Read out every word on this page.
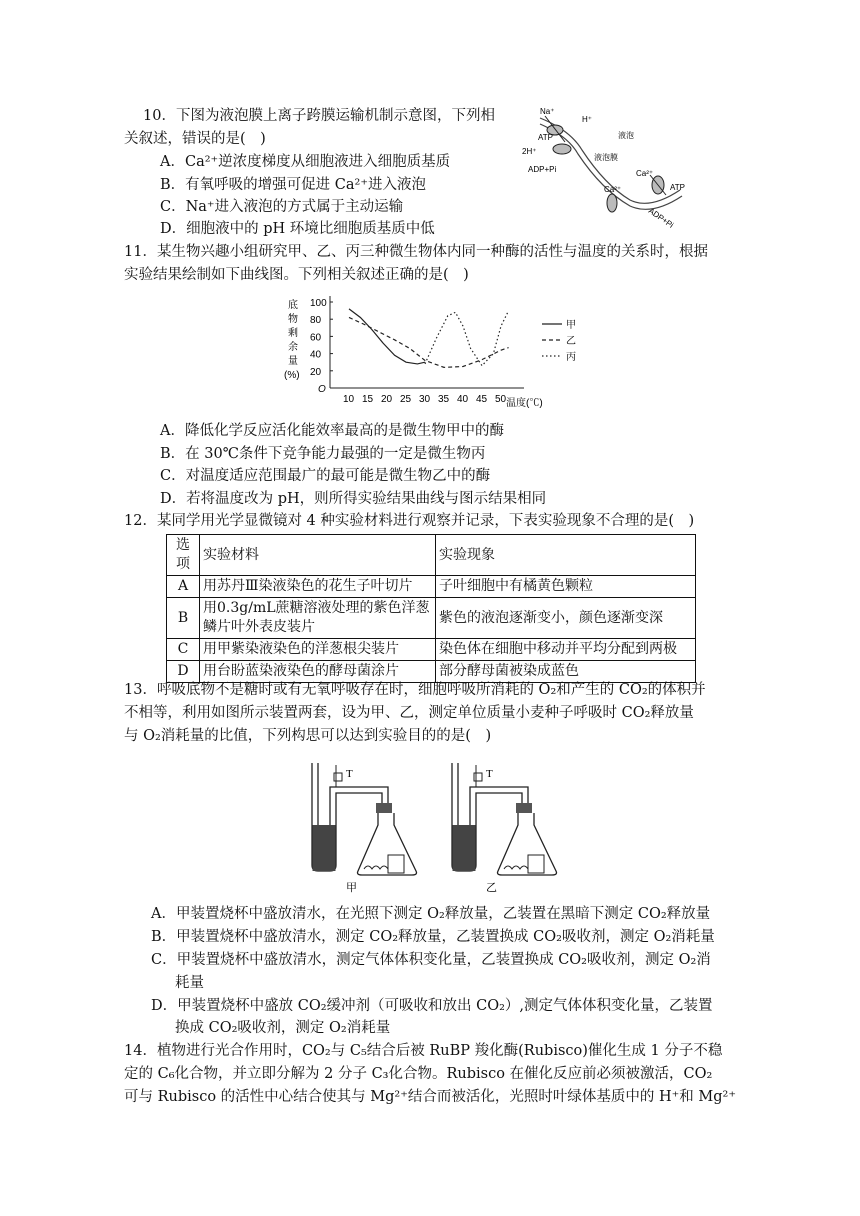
10．下图为液泡膜上离子跨膜运输机制示意图，下列相
关叙述，错误的是(　)
A．Ca²⁺逆浓度梯度从细胞液进入细胞质基质
B．有氧呼吸的增强可促进 Ca²⁺进入液泡
C．Na⁺进入液泡的方式属于主动运输
D．细胞液中的 pH 环境比细胞质基质中低
Na⁺
H⁺
液泡
ATP
2H⁺
液泡膜
ADP+Pi
Ca²⁺
Ca²⁺
ATP
ADP+Pi
11．某生物兴趣小组研究甲、乙、丙三种微生物体内同一种酶的活性与温度的关系时，根据
实验结果绘制如下曲线图。下列相关叙述正确的是(　)
O
底
物
剩
余
量
(%)
100
80
60
40
20
10 15 20 25 30 35 40 45 50 温度(℃)
甲
乙
丙
A．降低化学反应活化能效率最高的是微生物甲中的酶
B．在 30℃条件下竞争能力最强的一定是微生物丙
C．对温度适应范围最广的最可能是微生物乙中的酶
D．若将温度改为 pH，则所得实验结果曲线与图示结果相同
12．某同学用光学显微镜对 4 种实验材料进行观察并记录，下表实验现象不合理的是(　)
选项	实验材料	实验现象
A	用苏丹Ⅲ染液染色的花生子叶切片	子叶细胞中有橘黄色颗粒
B	用0.3g/mL蔗糖溶液处理的紫色洋葱鳞片叶外表皮装片	紫色的液泡逐渐变小，颜色逐渐变深
C	用甲紫染液染色的洋葱根尖装片	染色体在细胞中移动并平均分配到两极
D	用台盼蓝染液染色的酵母菌涂片	部分酵母菌被染成蓝色
13．呼吸底物不是糖时或有无氧呼吸存在时，细胞呼吸所消耗的 O₂和产生的 CO₂的体积并
不相等，利用如图所示装置两套，设为甲、乙，测定单位质量小麦种子呼吸时 CO₂释放量
与 O₂消耗量的比值，下列构思可以达到实验目的的是(　)
T	T
甲	乙
A．甲装置烧杯中盛放清水，在光照下测定 O₂释放量，乙装置在黑暗下测定 CO₂释放量
B．甲装置烧杯中盛放清水，测定 CO₂释放量，乙装置换成 CO₂吸收剂，测定 O₂消耗量
C．甲装置烧杯中盛放清水，测定气体体积变化量，乙装置换成 CO₂吸收剂，测定 O₂消
耗量
D．甲装置烧杯中盛放 CO₂缓冲剂（可吸收和放出 CO₂）,测定气体体积变化量，乙装置
换成 CO₂吸收剂，测定 O₂消耗量
14．植物进行光合作用时，CO₂与 C₅结合后被 RuBP 羧化酶(Rubisco)催化生成 1 分子不稳
定的 C₆化合物，并立即分解为 2 分子 C₃化合物。Rubisco 在催化反应前必须被激活，CO₂
可与 Rubisco 的活性中心结合使其与 Mg²⁺结合而被活化，光照时叶绿体基质中的 H⁺和 Mg²⁺
